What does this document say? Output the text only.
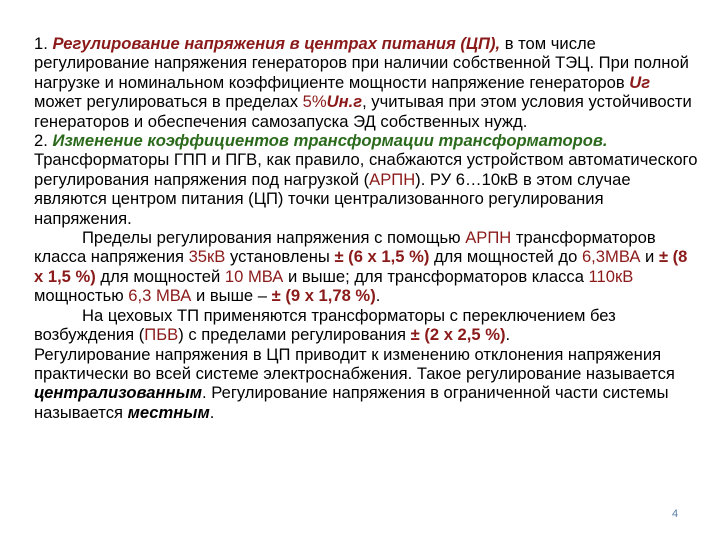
1. Регулирование напряжения в центрах питания (ЦП), в том числе регулирование напряжения генераторов при наличии собственной ТЭЦ. При полной нагрузке и номинальном коэффициенте мощности напряжение генераторов Uг может регулироваться в пределах 5%Uн.г, учитывая при этом условия устойчивости генераторов и обеспечения самозапуска ЭД собственных нужд.

2. Изменение коэффициентов трансформации трансформаторов. Трансформаторы ГПП и ПГВ, как правило, снабжаются устройством автоматического регулирования напряжения под нагрузкой (АРПН). РУ 6…10кВ в этом случае являются центром питания (ЦП) точки централизованного регулирования напряжения.

Пределы регулирования напряжения с помощью АРПН трансформаторов класса напряжения 35кВ установлены ± (6 х 1,5 %) для мощностей до 6,3МВА и ± (8 х 1,5 %) для мощностей 10 МВА и выше; для трансформаторов класса 110кВ мощностью 6,3 МВА и выше – ± (9 х 1,78 %).

На цеховых ТП применяются трансформаторы с переключением без возбуждения (ПБВ) с пределами регулирования ± (2 х 2,5 %).

Регулирование напряжения в ЦП приводит к изменению отклонения напряжения практически во всей системе электроснабжения. Такое регулирование называется централизованным. Регулирование напряжения в ограниченной части системы называется местным.

4
